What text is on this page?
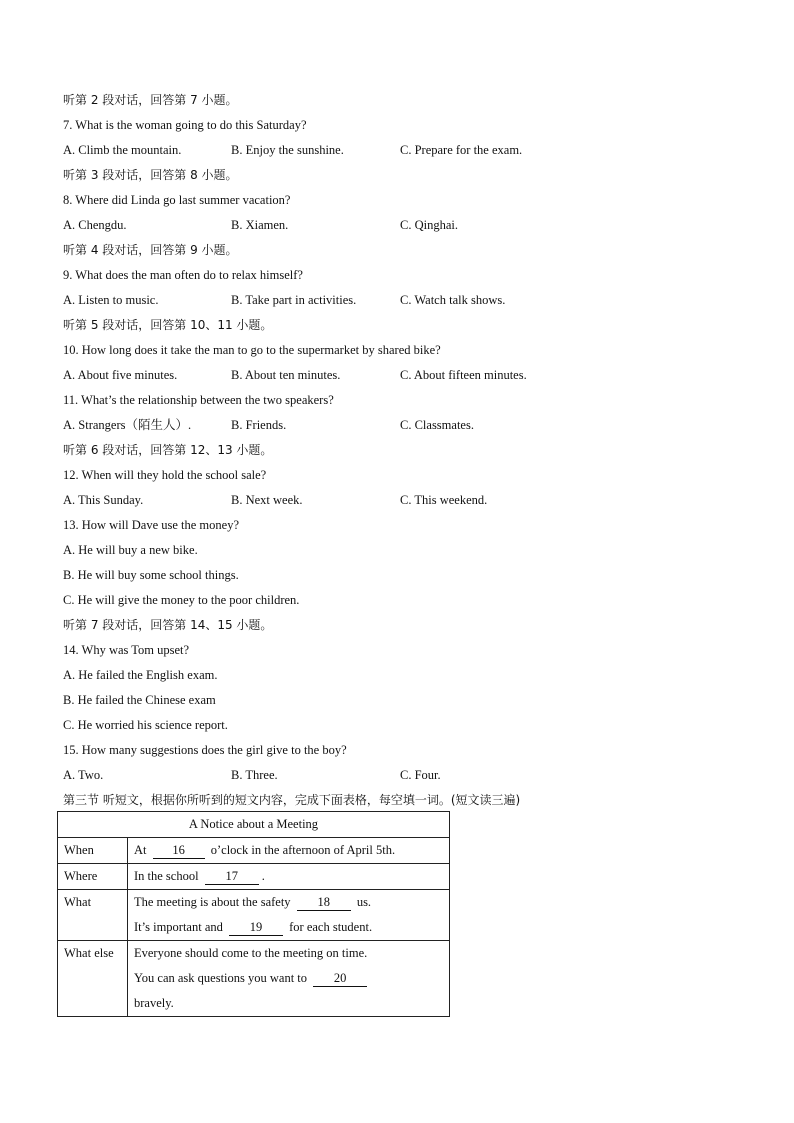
听第 2 段对话，回答第 7 小题。
7. What is the woman going to do this Saturday?
A. Climb the mountain.	B. Enjoy the sunshine.	C. Prepare for the exam.
听第 3 段对话，回答第 8 小题。
8. Where did Linda go last summer vacation?
A. Chengdu.	B. Xiamen.	C. Qinghai.
听第 4 段对话，回答第 9 小题。
9. What does the man often do to relax himself?
A. Listen to music.	B. Take part in activities.	C. Watch talk shows.
听第 5 段对话，回答第 10、11 小题。
10. How long does it take the man to go to the supermarket by shared bike?
A. About five minutes.	B. About ten minutes.	C. About fifteen minutes.
11. What’s the relationship between the two speakers?
A. Strangers（陌生人）.	B. Friends.	C. Classmates.
听第 6 段对话，回答第 12、13 小题。
12. When will they hold the school sale?
A. This Sunday.	B. Next week.	C. This weekend.
13. How will Dave use the money?
A. He will buy a new bike.
B. He will buy some school things.
C. He will give the money to the poor children.
听第 7 段对话，回答第 14、15 小题。
14. Why was Tom upset?
A. He failed the English exam.
B. He failed the Chinese exam
C. He worried his science report.
15. How many suggestions does the girl give to the boy?
A. Two.	B. Three.	C. Four.
第三节 听短文，根据你所听到的短文内容，完成下面表格，每空填一词。(短文读三遍)
A Notice about a Meeting	
When	At 16 o’clock in the afternoon of April 5th.
Where	In the school 17 .
What	The meeting is about the safety 18 us.
It’s important and 19 for each student.

What else	Everyone should come to the meeting on time.
You can ask questions you want to 20
bravely.
